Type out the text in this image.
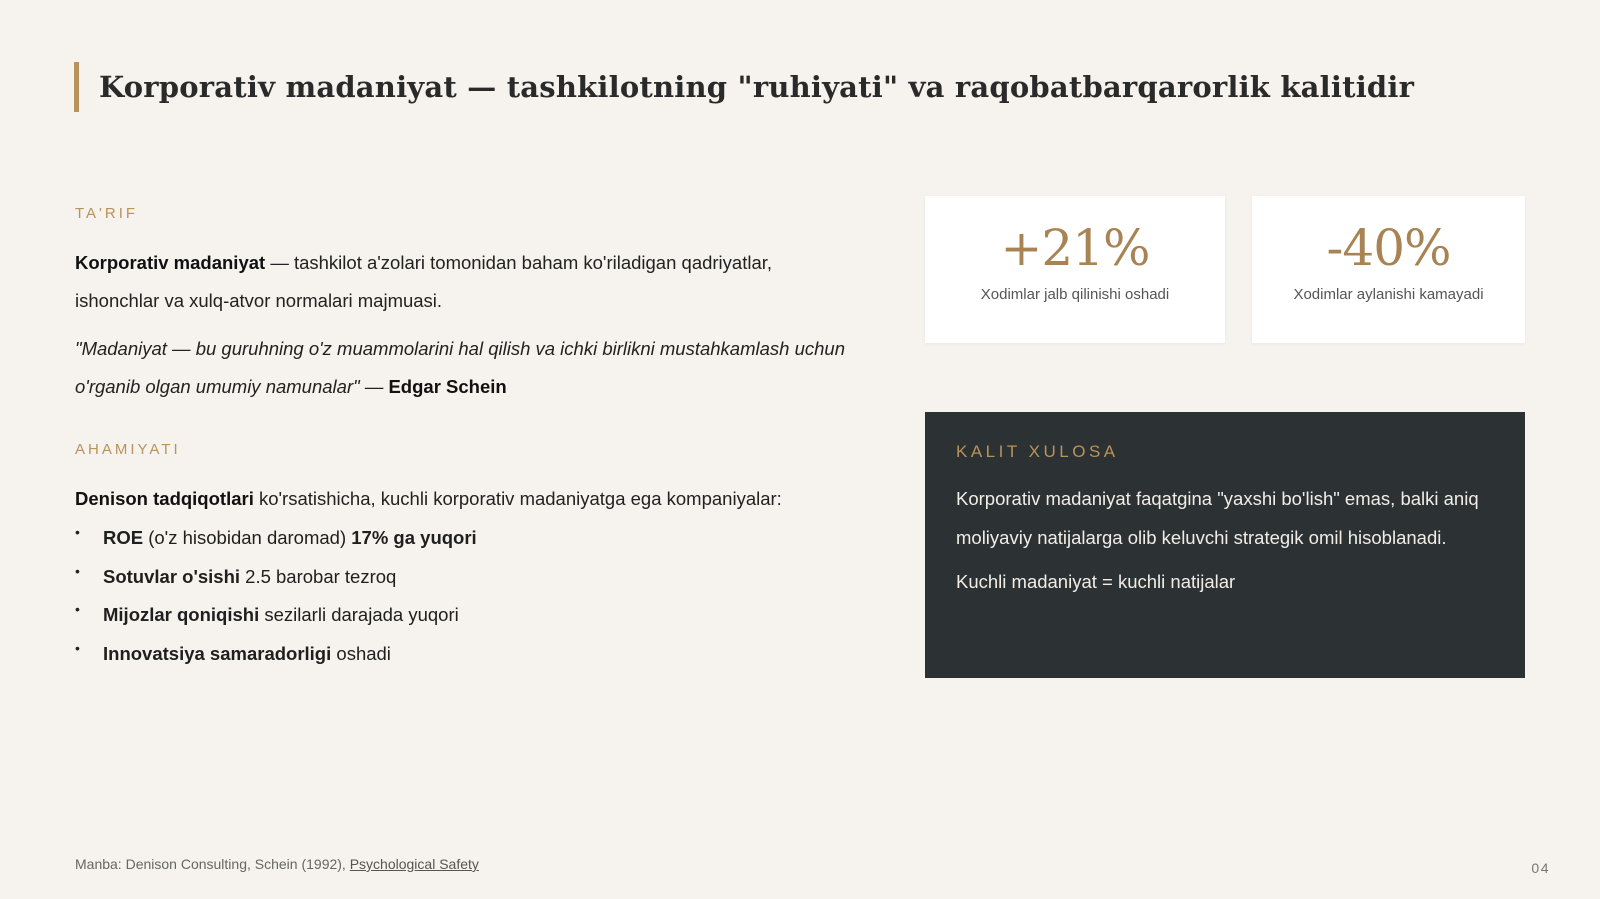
Korporativ madaniyat — tashkilotning "ruhiyati" va raqobatbarqarorlik kalitidir
TA'RIF

Korporativ madaniyat — tashkilot a'zolari tomonidan baham ko'riladigan qadriyatlar, ishonchlar va xulq-atvor normalari majmuasi.

"Madaniyat — bu guruhning o'z muammolarini hal qilish va ichki birlikni mustahkamlash uchun o'rganib olgan umumiy namunalar" — Edgar Schein

AHAMIYATI

Denison tadqiqotlari ko'rsatishicha, kuchli korporativ madaniyatga ega kompaniyalar:

• ROE (o'z hisobidan daromad) 17% ga yuqori
• Sotuvlar o'sishi 2.5 barobar tezroq
• Mijozlar qoniqishi sezilarli darajada yuqori
• Innovatsiya samaradorligi oshadi
+21%
Xodimlar jalb qilinishi oshadi
-40%
Xodimlar aylanishi kamayadi
KALIT XULOSA

Korporativ madaniyat faqatgina "yaxshi bo'lish" emas, balki aniq moliyaviy natijalarga olib keluvchi strategik omil hisoblanadi.

Kuchli madaniyat = kuchli natijalar

Manba: Denison Consulting, Schein (1992), Psychological Safety	04
